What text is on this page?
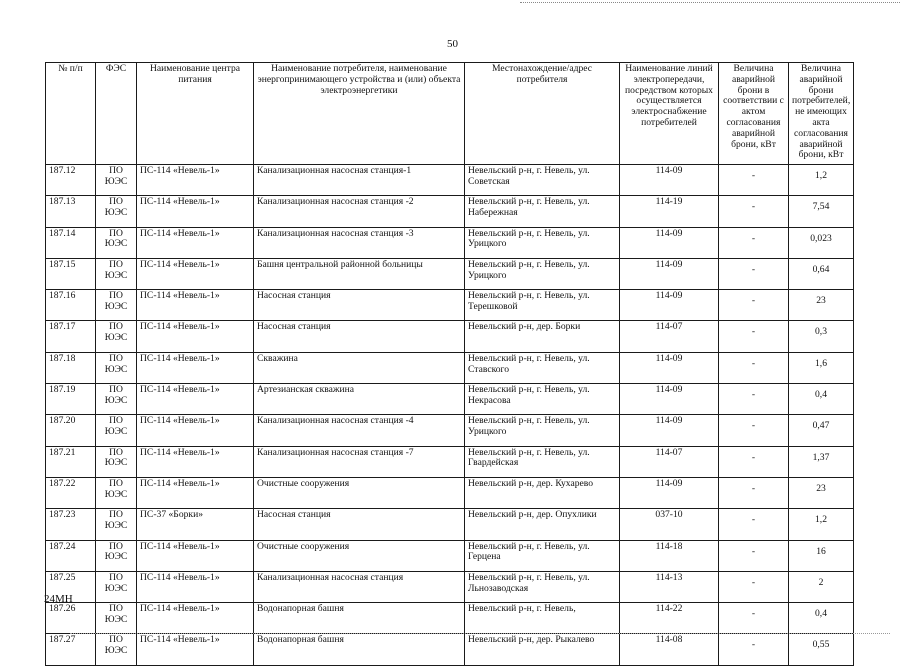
50
№ п/п	ФЭС	Наименование центра питания	Наименование потребителя, наименование энергопринимающего устройства и (или) объекта электроэнергетики	Местонахождение/адрес потребителя	Наименование линий электропередачи, посредством которых осуществляется электроснабжение потребителей	Величина аварийной брони в соответствии с актом согласования аварийной брони, кВт	Величина аварийной брони потребителей, не имеющих акта согласования аварийной брони, кВт
187.12	ПО ЮЭС	ПС-114 «Невель-1»	Канализационная насосная станция-1	Невельский р-н, г. Невель, ул. Советская	114-09	-	1,2
187.13	ПО ЮЭС	ПС-114 «Невель-1»	Канализационная насосная станция -2	Невельский р-н, г. Невель, ул. Набережная	114-19	-	7,54
187.14	ПО ЮЭС	ПС-114 «Невель-1»	Канализационная насосная станция -3	Невельский р-н, г. Невель, ул. Урицкого	114-09	-	0,023
187.15	ПО ЮЭС	ПС-114 «Невель-1»	Башня центральной районной больницы	Невельский р-н, г. Невель, ул. Урицкого	114-09	-	0,64
187.16	ПО ЮЭС	ПС-114 «Невель-1»	Насосная станция	Невельский р-н, г. Невель, ул. Терешковой	114-09	-	23
187.17	ПО ЮЭС	ПС-114 «Невель-1»	Насосная станция	Невельский р-н, дер. Борки	114-07	-	0,3
187.18	ПО ЮЭС	ПС-114 «Невель-1»	Скважина	Невельский р-н, г. Невель, ул. Ставского	114-09	-	1,6
187.19	ПО ЮЭС	ПС-114 «Невель-1»	Артезианская скважина	Невельский р-н, г. Невель, ул. Некрасова	114-09	-	0,4
187.20	ПО ЮЭС	ПС-114 «Невель-1»	Канализационная насосная станция -4	Невельский р-н, г. Невель, ул. Урицкого	114-09	-	0,47
187.21	ПО ЮЭС	ПС-114 «Невель-1»	Канализационная насосная станция -7	Невельский р-н, г. Невель, ул. Гвардейская	114-07	-	1,37
187.22	ПО ЮЭС	ПС-114 «Невель-1»	Очистные сооружения	Невельский р-н, дер. Кухарево	114-09	-	23
187.23	ПО ЮЭС	ПС-37 «Борки»	Насосная станция	Невельский р-н, дер. Опухлики	037-10	-	1,2
187.24	ПО ЮЭС	ПС-114 «Невель-1»	Очистные сооружения	Невельский р-н, г. Невель, ул. Герцена	114-18	-	16
187.25	ПО ЮЭС	ПС-114 «Невель-1»	Канализационная насосная станция	Невельский р-н, г. Невель, ул. Льнозаводская	114-13	-	2
187.26	ПО ЮЭС	ПС-114 «Невель-1»	Водонапорная башня	Невельский р-н, г. Невель,	114-22	-	0,4
187.27	ПО ЮЭС	ПС-114 «Невель-1»	Водонапорная башня	Невельский р-н, дер. Рыкалево	114-08	-	0,55
24MH
